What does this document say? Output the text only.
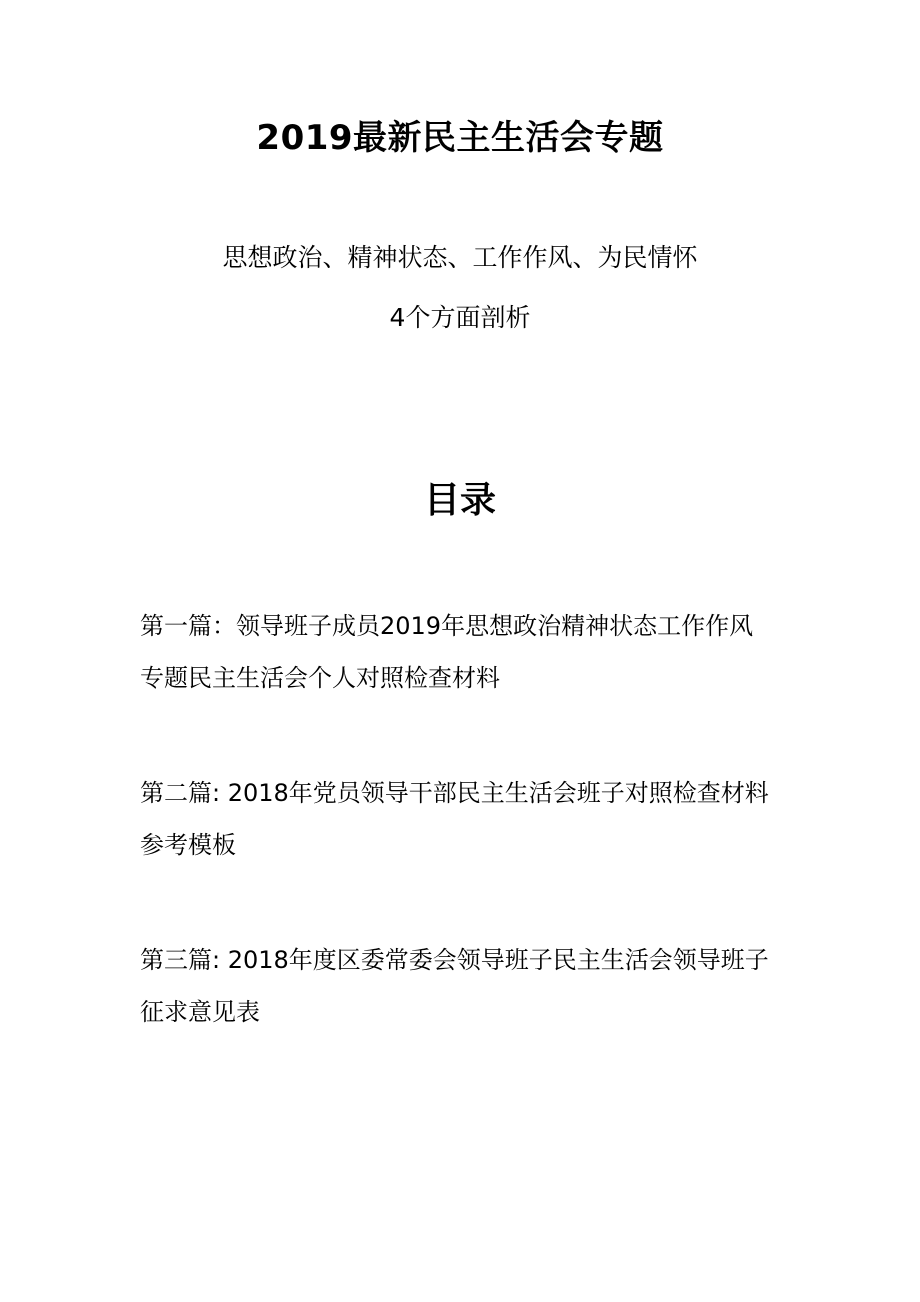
2019最新民主生活会专题
思想政治、精神状态、工作作风、为民情怀
4个方面剖析
目录
第一篇：领导班子成员2019年思想政治精神状态工作作风
专题民主生活会个人对照检查材料
第二篇: 2018年党员领导干部民主生活会班子对照检查材料
参考模板
第三篇: 2018年度区委常委会领导班子民主生活会领导班子
征求意见表
